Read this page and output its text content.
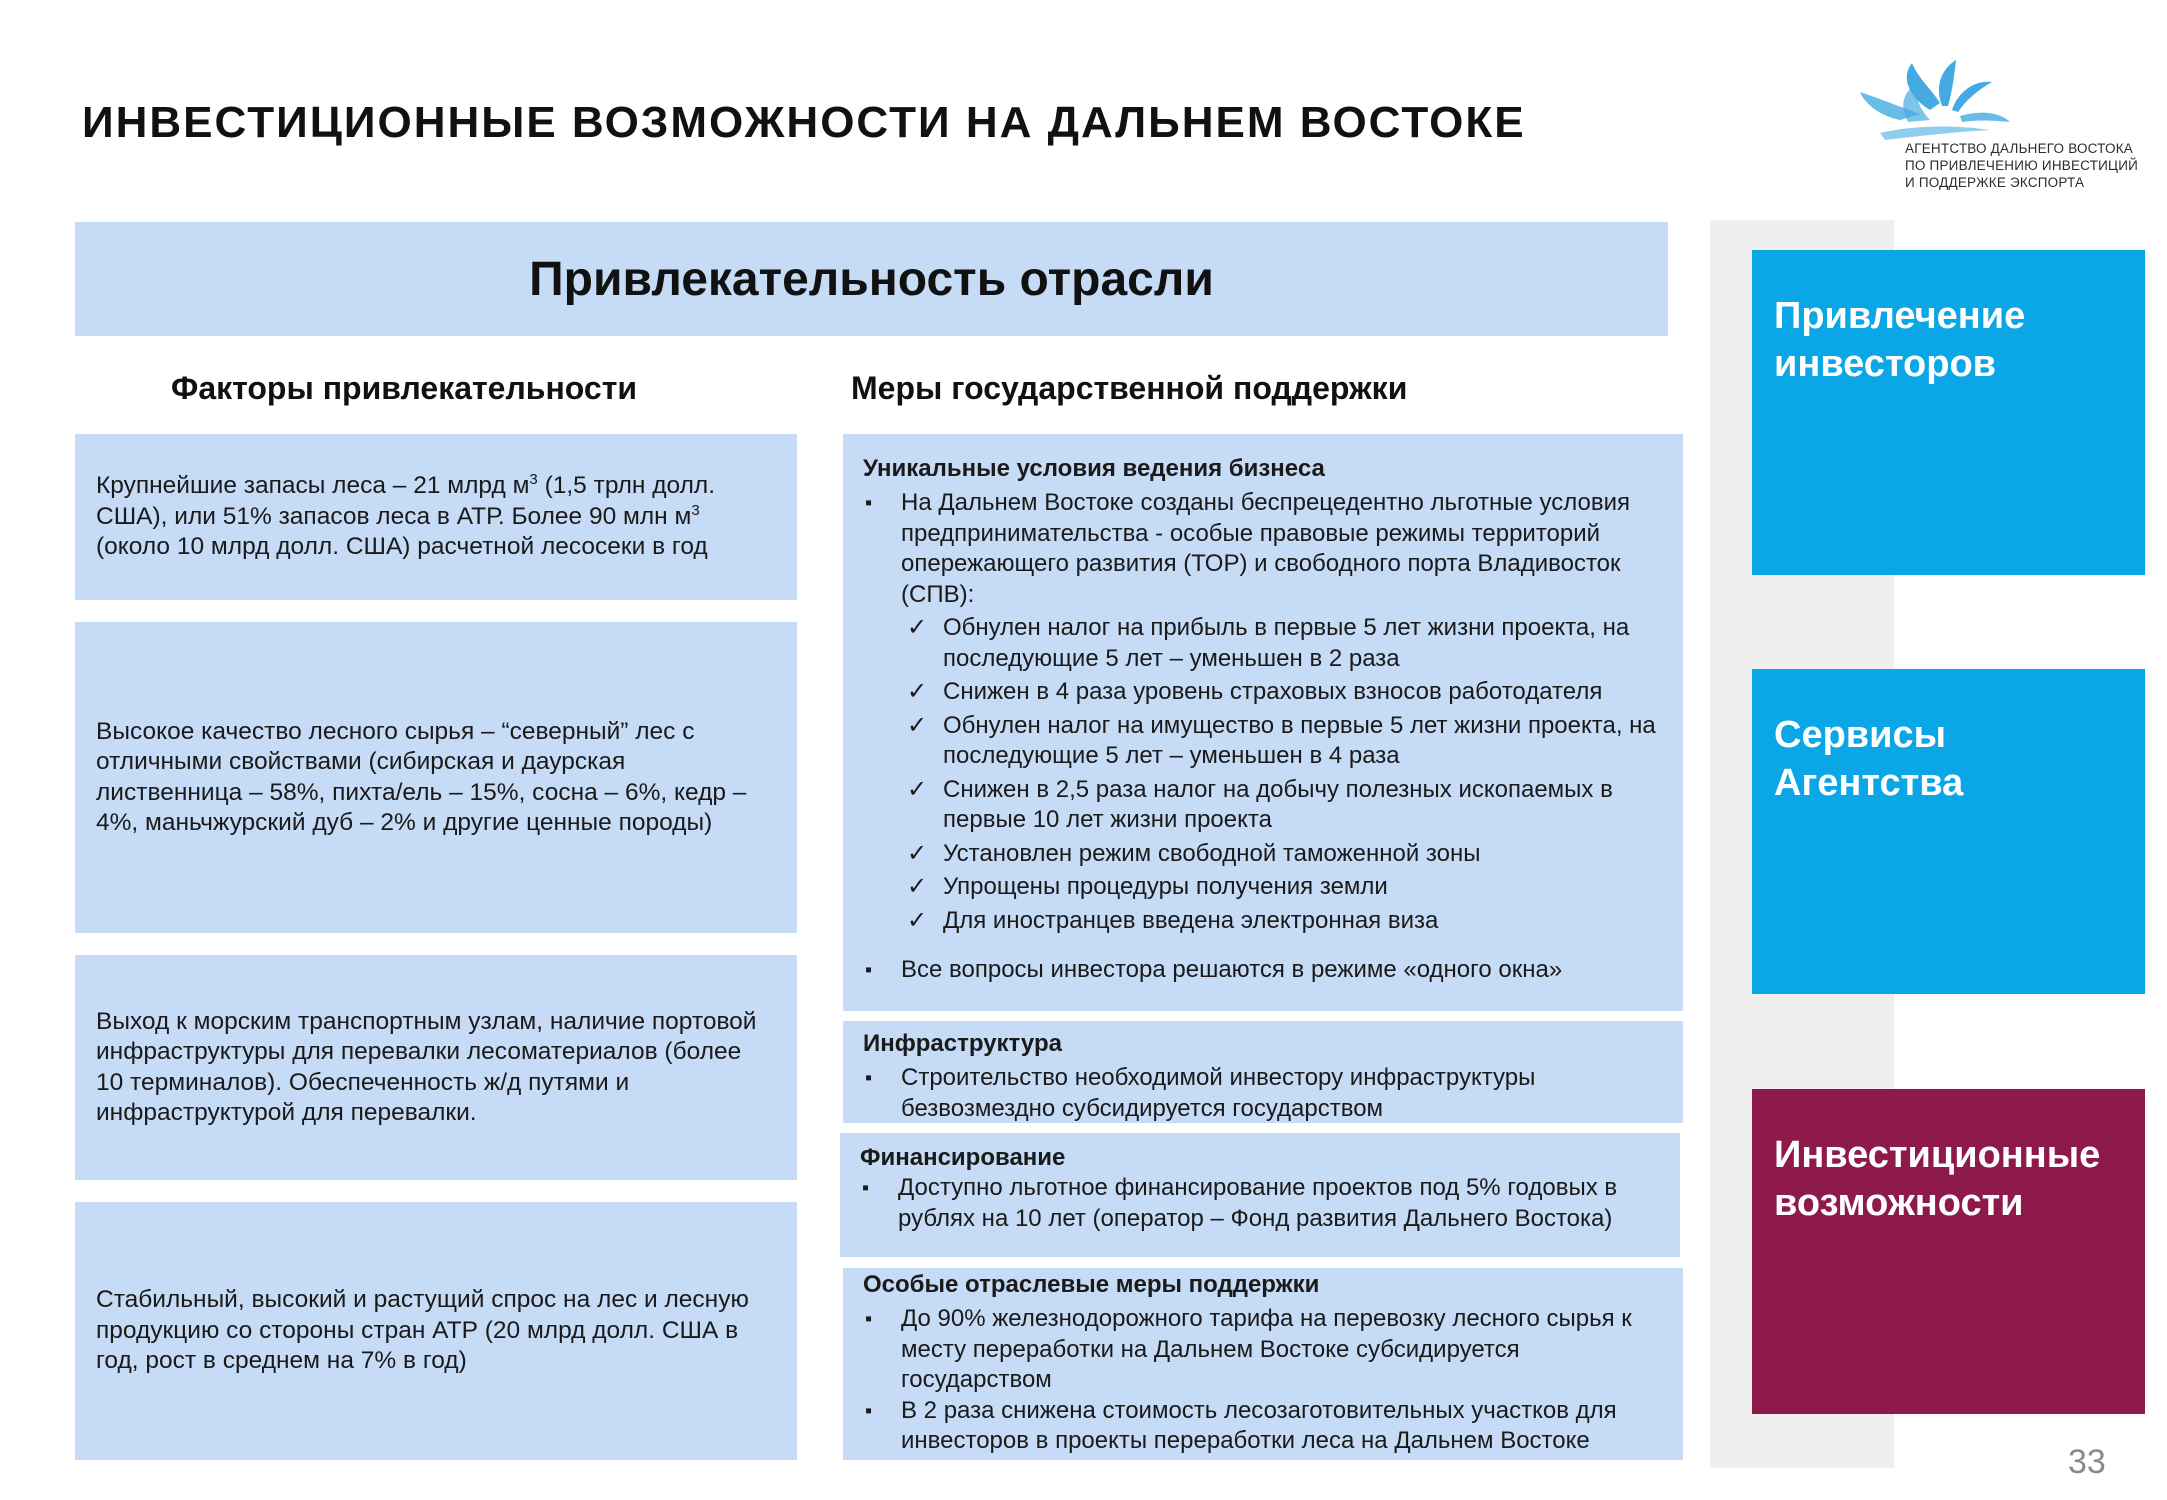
ИНВЕСТИЦИОННЫЕ ВОЗМОЖНОСТИ НА ДАЛЬНЕМ ВОСТОКЕ
АГЕНТСТВО ДАЛЬНЕГО ВОСТОКА
ПО ПРИВЛЕЧЕНИЮ ИНВЕСТИЦИЙ
И ПОДДЕРЖКЕ ЭКСПОРТА
Привлекательность отрасли
Факторы привлекательности	Меры государственной поддержки
Крупнейшие запасы леса – 21 млрд $м^3$ (1,5 трлн долл. США), или 51% запасов леса в АТР. Более 90 млн $м^3$ (около 10 млрд долл. США) расчетной лесосеки в год
Высокое качество лесного сырья – “северный” лес с отличными свойствами (сибирская и даурская лиственница – 58%, пихта/ель – 15%, сосна – 6%, кедр – 4%, маньчжурский дуб – 2% и другие ценные породы)
Выход к морским транспортным узлам, наличие портовой инфраструктуры для перевалки лесоматериалов (более 10 терминалов). Обеспеченность ж/д путями и инфраструктурой для перевалки.
Стабильный, высокий и растущий спрос на лес и лесную продукцию со стороны стран АТР (20 млрд долл. США в год, рост в среднем на 7% в год)
Уникальные условия ведения бизнеса
▪ На Дальнем Востоке созданы беспрецедентно льготные условия предпринимательства - особые правовые режимы территорий опережающего развития (ТОР) и свободного порта Владивосток (СПВ):
✓ Обнулен налог на прибыль в первые 5 лет жизни проекта, на последующие 5 лет – уменьшен в 2 раза
✓ Снижен в 4 раза уровень страховых взносов работодателя
✓ Обнулен налог на имущество в первые 5 лет жизни проекта, на последующие 5 лет – уменьшен в 4 раза
✓ Снижен в 2,5 раза налог на добычу полезных ископаемых в первые 10 лет жизни проекта
✓ Установлен режим свободной таможенной зоны
✓ Упрощены процедуры получения земли
✓ Для иностранцев введена электронная виза
▪ Все вопросы инвестора решаются в режиме «одного окна»
Инфраструктура
▪ Строительство необходимой инвестору инфраструктуры безвозмездно субсидируется государством
Финансирование
▪ Доступно льготное финансирование проектов под 5% годовых в рублях на 10 лет (оператор – Фонд развития Дальнего Востока)
Особые отраслевые меры поддержки
▪ До 90% железнодорожного тарифа на перевозку лесного сырья к месту переработки на Дальнем Востоке субсидируется государством
▪ В 2 раза снижена стоимость лесозаготовительных участков для инвесторов в проекты переработки леса на Дальнем Востоке
Привлечение инвесторов
Сервисы Агентства
Инвестиционные возможности
33
